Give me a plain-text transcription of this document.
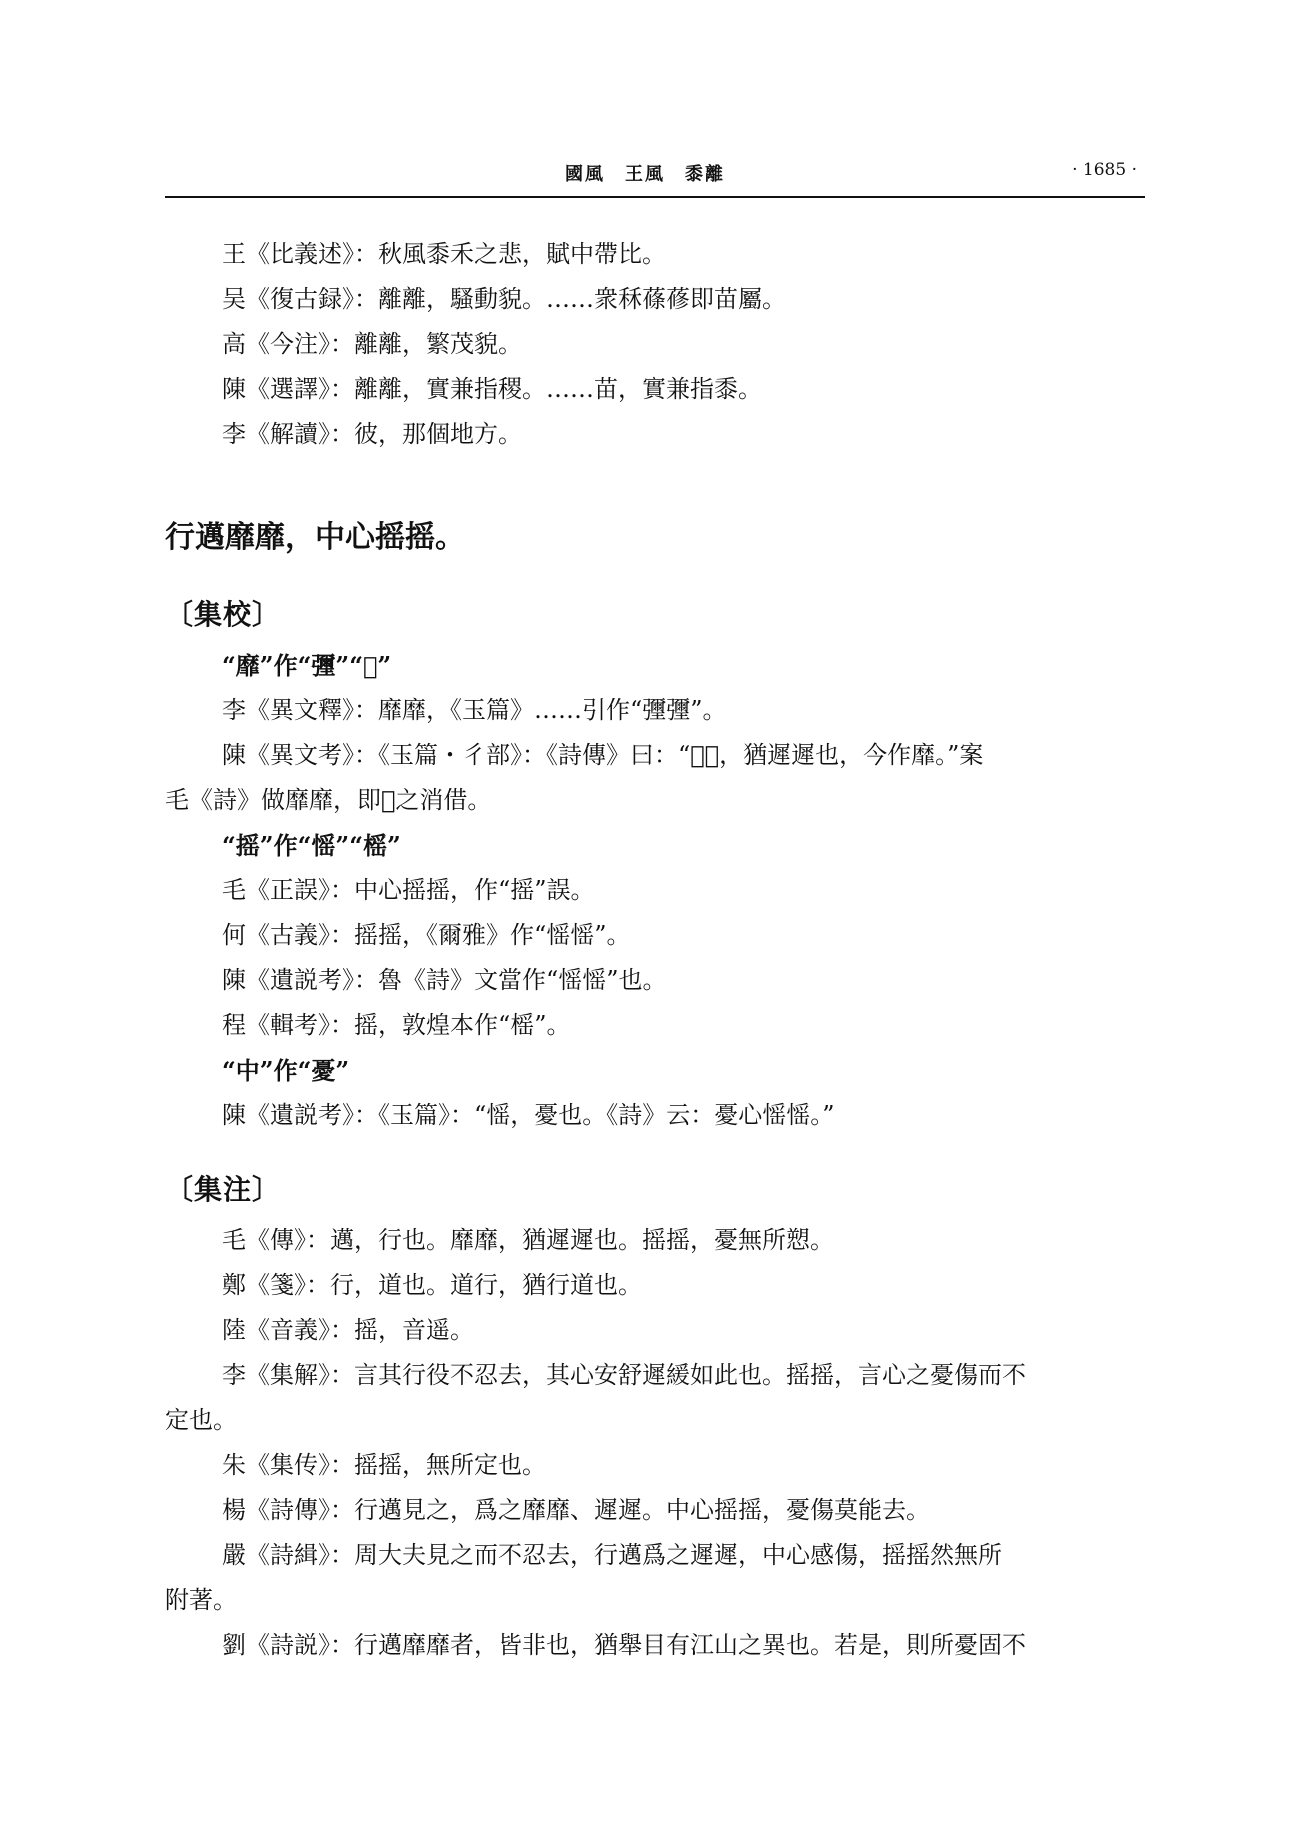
國風　王風　黍離	· 1685 ·
王《比義述》：秋風黍禾之悲，賦中帶比。
吴《復古録》：離離，騷動貌。……衆秝蓧蓚即苗屬。
高《今注》：離離，繁茂貌。
陳《選譯》：離離，實兼指稷。……苗，實兼指黍。
李《解讀》：彼，那個地方。
行邁靡靡，中心摇摇。
〔集校〕
“靡”作“㣆”“𢕁”
李《異文釋》：靡靡，《玉篇》……引作“㣆㣆”。
陳《異文考》：《玉篇・彳部》：《詩傳》曰：“𢕁𢕁，猶遲遲也，今作靡。”案
毛《詩》做靡靡，即𢕁之消借。
“摇”作“愮”“榣”
毛《正誤》：中心摇摇，作“摇”誤。
何《古義》：摇摇，《爾雅》作“愮愮”。
陳《遺説考》：魯《詩》文當作“愮愮”也。
程《輯考》：摇，敦煌本作“榣”。
“中”作“憂”
陳《遺説考》：《玉篇》：“愮，憂也。《詩》云：憂心愮愮。”
〔集注〕
毛《傳》：邁，行也。靡靡，猶遲遲也。摇摇，憂無所愬。
鄭《箋》：行，道也。道行，猶行道也。
陸《音義》：摇，音遥。
李《集解》：言其行役不忍去，其心安舒遲緩如此也。摇摇，言心之憂傷而不
定也。
朱《集传》：摇摇，無所定也。
楊《詩傳》：行邁見之，爲之靡靡、遲遲。中心摇摇，憂傷莫能去。
嚴《詩緝》：周大夫見之而不忍去，行邁爲之遲遲，中心感傷，摇摇然無所
附著。
劉《詩説》：行邁靡靡者，皆非也，猶舉目有江山之異也。若是，則所憂固不
